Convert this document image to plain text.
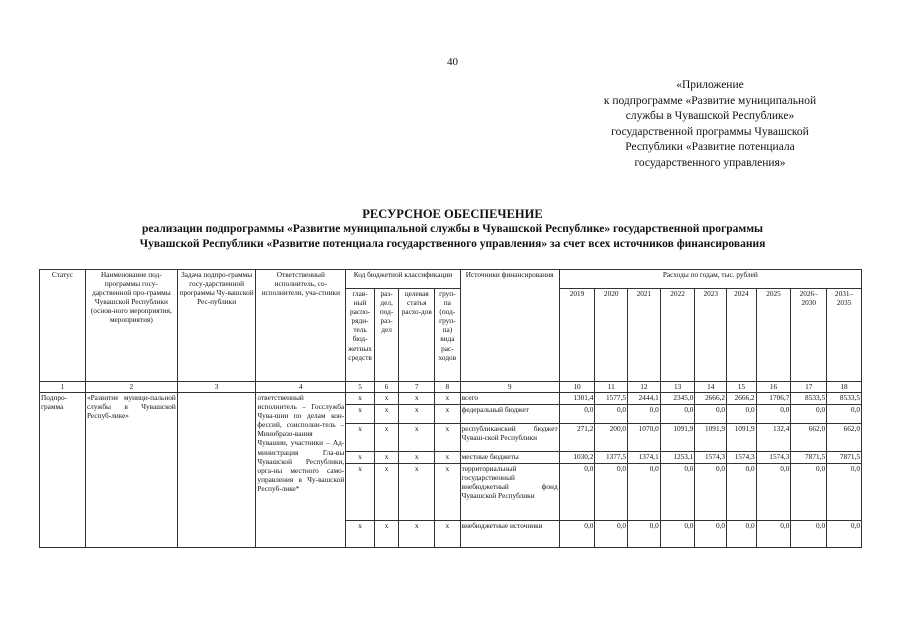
40
«Приложение
к подпрограмме «Развитие муниципальной
службы в Чувашской Республике»
государственной программы Чувашской
Республики «Развитие потенциала
государственного управления»
РЕСУРСНОЕ ОБЕСПЕЧЕНИЕ
реализации подпрограммы «Развитие муниципальной службы в Чувашской Республике» государственной программы
Чувашской Республики «Развитие потенциала государственного управления» за счет всех источников финансирования
Статус	Наименование под-программы госу-дарственной про-граммы Чувашской Республики (основ-ного мероприятия, мероприятия)	Задача подпро-граммы госу-дарственной программы Чу-вашской Рес-публики	Ответственный исполнитель, со-исполнители, уча-стники	Код бюджетной классификации				Источники финансирования	Расходы по годам, тыс. рублей								
				глав-ный распо-ряди-тель бюд-жетных средств	раз-дел, под-раз-дел	целевая статья расхо-дов	груп-па (под-груп-па) вида рас-ходов		2019	2020	2021	2022	2023	2024	2025	2026–2030	2031–2035
1	2	3	4	5	6	7	8	9	10	11	12	13	14	15	16	17	18
Подпро-грамма	«Развитие муници-пальной службы в Чувашской Респуб-лике»		ответственный исполнитель – Госслужба Чува-шии по делам кон-фессий, соисполни-тель – Минобразо-вания Чувашии, участники – Ад-министрация Гла-вы Чувашской Республики, орга-ны местного само-управления в Чу-вашской Респуб-лике*	х	х	х	х	всего	1301,4	1577,5	2444,1	2345,0	2666,2	2666,2	1706,7	8533,5	8533,5
				х	х	х	х	федеральный бюджет	0,0	0,0	0,0	0,0	0,0	0,0	0,0	0,0	0,0
				х	х	х	х	республиканский бюджет Чуваш-ской Республики	271,2	200,0	1070,0	1091,9	1091,9	1091,9	132,4	662,0	662,0
				х	х	х	х	местные бюджеты	1030,2	1377,5	1374,1	1253,1	1574,3	1574,3	1574,3	7871,5	7871,5
				х	х	х	х	территориальный государственный внебюджетный фонд Чувашской Республики	0,0	0,0	0,0	0,0	0,0	0,0	0,0	0,0	0,0
				х	х	х	х	внебюджетные источники	0,0	0,0	0,0	0,0	0,0	0,0	0,0	0,0	0,0
